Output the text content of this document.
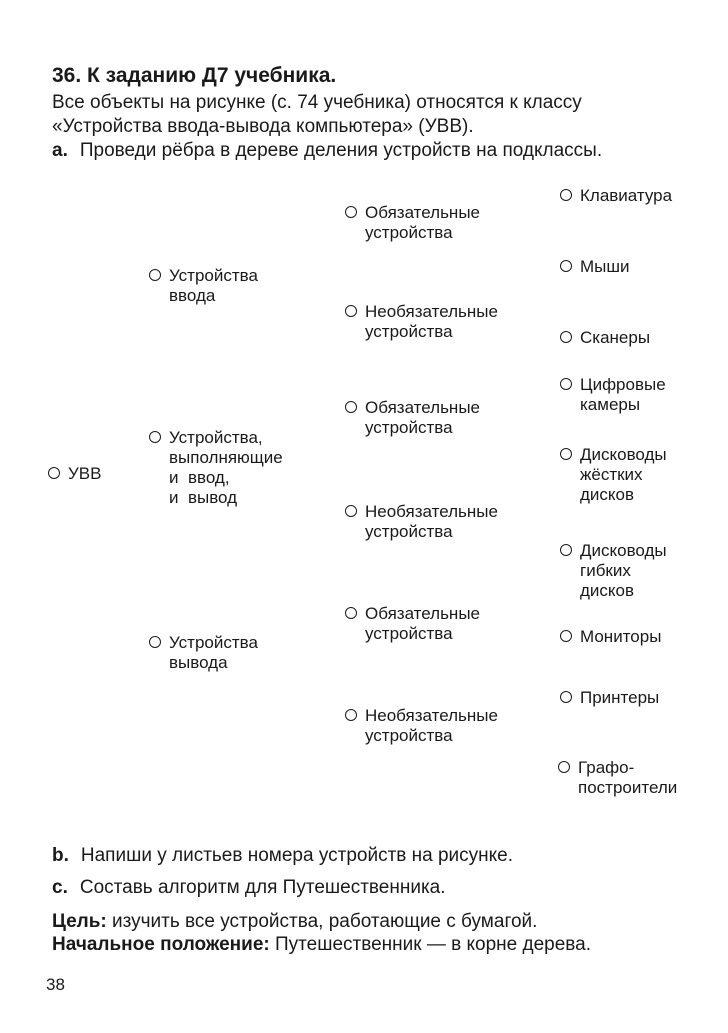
36. К заданию Д7 учебника.
Все объекты на рисунке (с. 74 учебника) относятся к классу
«Устройства ввода-вывода компьютера» (УВВ).
a. Проведи рёбра в дереве деления устройств на подклассы.
УВВ
Устройства
ввода
Устройства,
выполняющие
и  ввод,
и  вывод
Устройства
вывода
Обязательные
устройства
Необязательные
устройства
Обязательные
устройства
Необязательные
устройства
Обязательные
устройства
Необязательные
устройства
Клавиатура
Мыши
Сканеры
Цифровые
камеры
Дисководы
жёстких
дисков
Дисководы
гибких
дисков
Мониторы
Принтеры
Графо-
построители
b. Напиши у листьев номера устройств на рисунке.
c. Составь алгоритм для Путешественника.
Цель: изучить все устройства, работающие с бумагой.
Начальное положение: Путешественник — в корне дерева.
38
